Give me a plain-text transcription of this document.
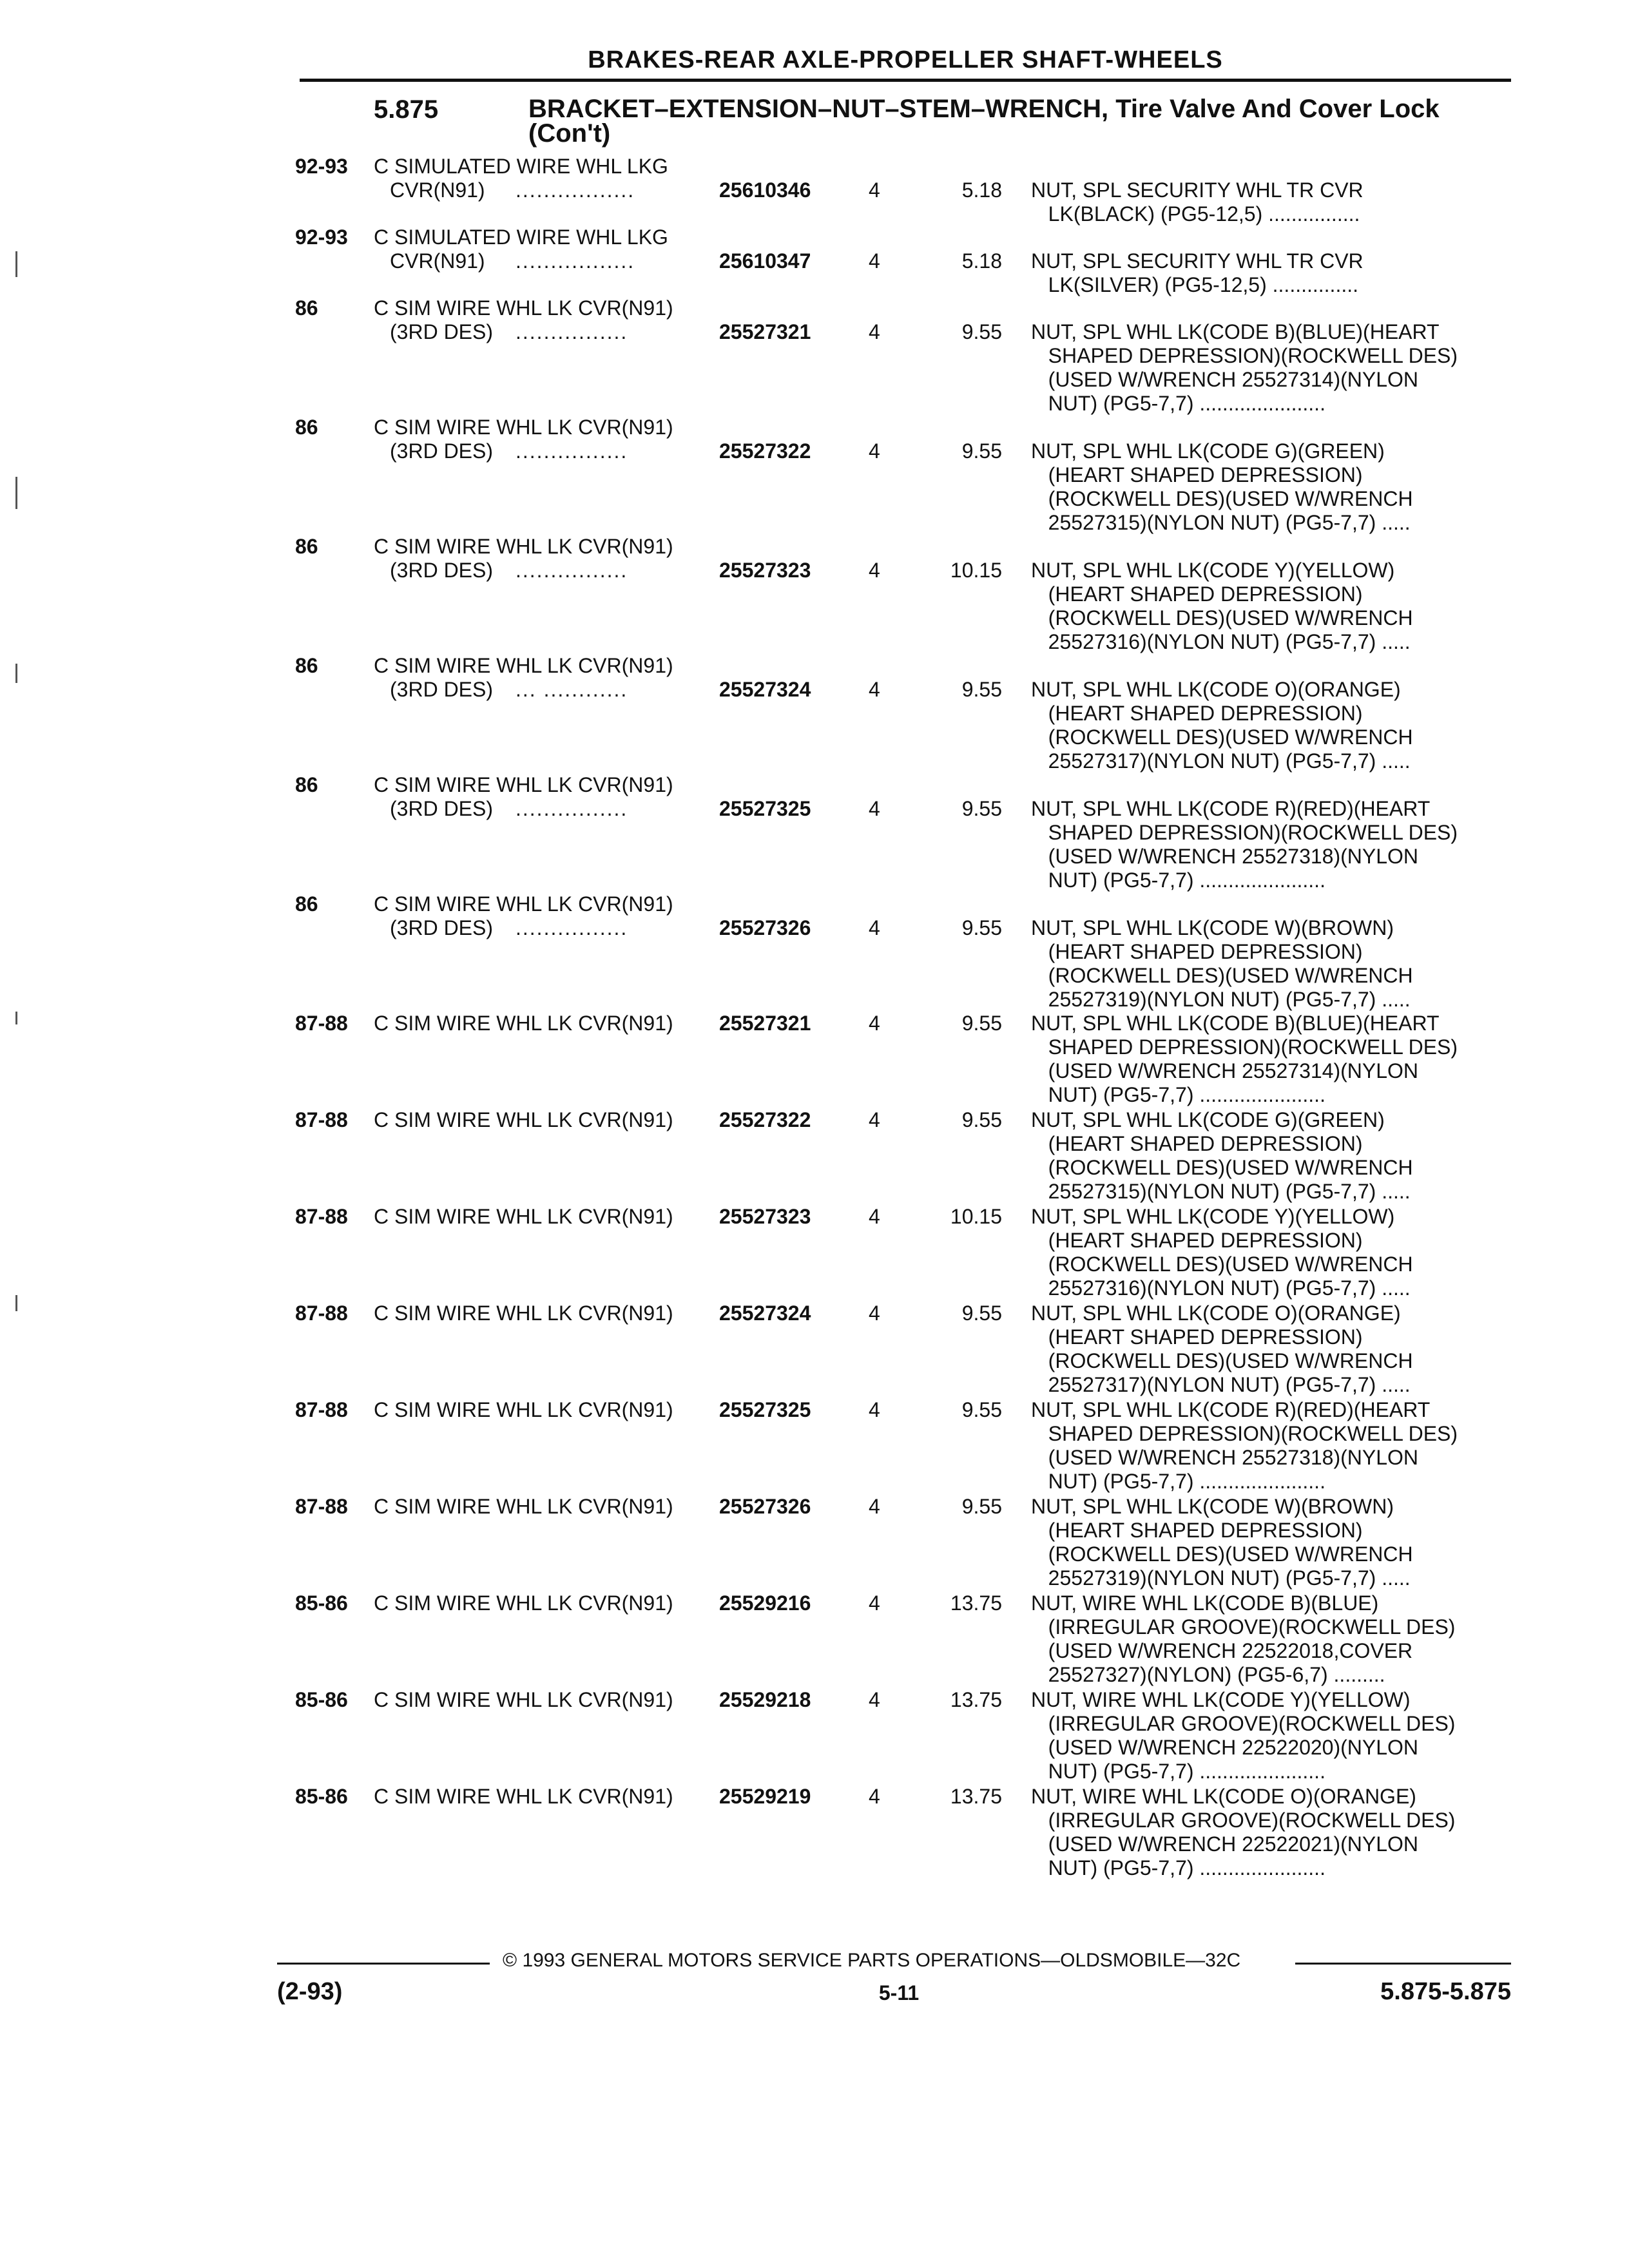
BRAKES-REAR AXLE-PROPELLER SHAFT-WHEELS
5.875	BRACKET–EXTENSION–NUT–STEM–WRENCH, Tire Valve And Cover Lock (Con't)
92-93 C SIMULATED WIRE WHL LKG
CVR(N91) .................	25610346	4	5.18 NUT, SPL SECURITY WHL TR CVR
LK(BLACK) (PG5-12,5) ................
92-93 C SIMULATED WIRE WHL LKG
CVR(N91) .................	25610347	4	5.18 NUT, SPL SECURITY WHL TR CVR
LK(SILVER) (PG5-12,5) ...............
86	C SIM WIRE WHL LK CVR(N91)
(3RD DES) ................	25527321	4	9.55 NUT, SPL WHL LK(CODE B)(BLUE)(HEART
SHAPED DEPRESSION)(ROCKWELL DES)
(USED W/WRENCH 25527314)(NYLON
NUT) (PG5-7,7) ......................
86	C SIM WIRE WHL LK CVR(N91)
(3RD DES) ................	25527322	4	9.55 NUT, SPL WHL LK(CODE G)(GREEN)
(HEART SHAPED DEPRESSION)
(ROCKWELL DES)(USED W/WRENCH
25527315)(NYLON NUT) (PG5-7,7) .....
86	C SIM WIRE WHL LK CVR(N91)
(3RD DES) ................	25527323	4	10.15 NUT, SPL WHL LK(CODE Y)(YELLOW)
(HEART SHAPED DEPRESSION)
(ROCKWELL DES)(USED W/WRENCH
25527316)(NYLON NUT) (PG5-7,7) .....
86	C SIM WIRE WHL LK CVR(N91)
(3RD DES) ... ............	25527324	4	9.55 NUT, SPL WHL LK(CODE O)(ORANGE)
(HEART SHAPED DEPRESSION)
(ROCKWELL DES)(USED W/WRENCH
25527317)(NYLON NUT) (PG5-7,7) .....
86	C SIM WIRE WHL LK CVR(N91)
(3RD DES) ................	25527325	4	9.55 NUT, SPL WHL LK(CODE R)(RED)(HEART
SHAPED DEPRESSION)(ROCKWELL DES)
(USED W/WRENCH 25527318)(NYLON
NUT) (PG5-7,7) ......................
86	C SIM WIRE WHL LK CVR(N91)
(3RD DES) ................	25527326	4	9.55 NUT, SPL WHL LK(CODE W)(BROWN)
(HEART SHAPED DEPRESSION)
(ROCKWELL DES)(USED W/WRENCH
25527319)(NYLON NUT) (PG5-7,7) .....
87-88 C SIM WIRE WHL LK CVR(N91) 25527321	4	9.55 NUT, SPL WHL LK(CODE B)(BLUE)(HEART
SHAPED DEPRESSION)(ROCKWELL DES)
(USED W/WRENCH 25527314)(NYLON
NUT) (PG5-7,7) ......................
87-88 C SIM WIRE WHL LK CVR(N91) 25527322	4	9.55 NUT, SPL WHL LK(CODE G)(GREEN)
(HEART SHAPED DEPRESSION)
(ROCKWELL DES)(USED W/WRENCH
25527315)(NYLON NUT) (PG5-7,7) .....
87-88 C SIM WIRE WHL LK CVR(N91) 25527323	4	10.15 NUT, SPL WHL LK(CODE Y)(YELLOW)
(HEART SHAPED DEPRESSION)
(ROCKWELL DES)(USED W/WRENCH
25527316)(NYLON NUT) (PG5-7,7) .....
87-88 C SIM WIRE WHL LK CVR(N91) 25527324	4	9.55 NUT, SPL WHL LK(CODE O)(ORANGE)
(HEART SHAPED DEPRESSION)
(ROCKWELL DES)(USED W/WRENCH
25527317)(NYLON NUT) (PG5-7,7) .....
87-88 C SIM WIRE WHL LK CVR(N91) 25527325	4	9.55 NUT, SPL WHL LK(CODE R)(RED)(HEART
SHAPED DEPRESSION)(ROCKWELL DES)
(USED W/WRENCH 25527318)(NYLON
NUT) (PG5-7,7) ......................
87-88 C SIM WIRE WHL LK CVR(N91) 25527326	4	9.55 NUT, SPL WHL LK(CODE W)(BROWN)
(HEART SHAPED DEPRESSION)
(ROCKWELL DES)(USED W/WRENCH
25527319)(NYLON NUT) (PG5-7,7) .....
85-86 C SIM WIRE WHL LK CVR(N91) 25529216	4	13.75 NUT, WIRE WHL LK(CODE B)(BLUE)
(IRREGULAR GROOVE)(ROCKWELL DES)
(USED W/WRENCH 22522018,COVER
25527327)(NYLON) (PG5-6,7) .........
85-86 C SIM WIRE WHL LK CVR(N91) 25529218	4	13.75 NUT, WIRE WHL LK(CODE Y)(YELLOW)
(IRREGULAR GROOVE)(ROCKWELL DES)
(USED W/WRENCH 22522020)(NYLON
NUT) (PG5-7,7) ......................
85-86 C SIM WIRE WHL LK CVR(N91) 25529219	4	13.75 NUT, WIRE WHL LK(CODE O)(ORANGE)
(IRREGULAR GROOVE)(ROCKWELL DES)
(USED W/WRENCH 22522021)(NYLON
NUT) (PG5-7,7) ......................
© 1993 GENERAL MOTORS SERVICE PARTS OPERATIONS—OLDSMOBILE—32C
(2-93)	5-11	5.875-5.875
